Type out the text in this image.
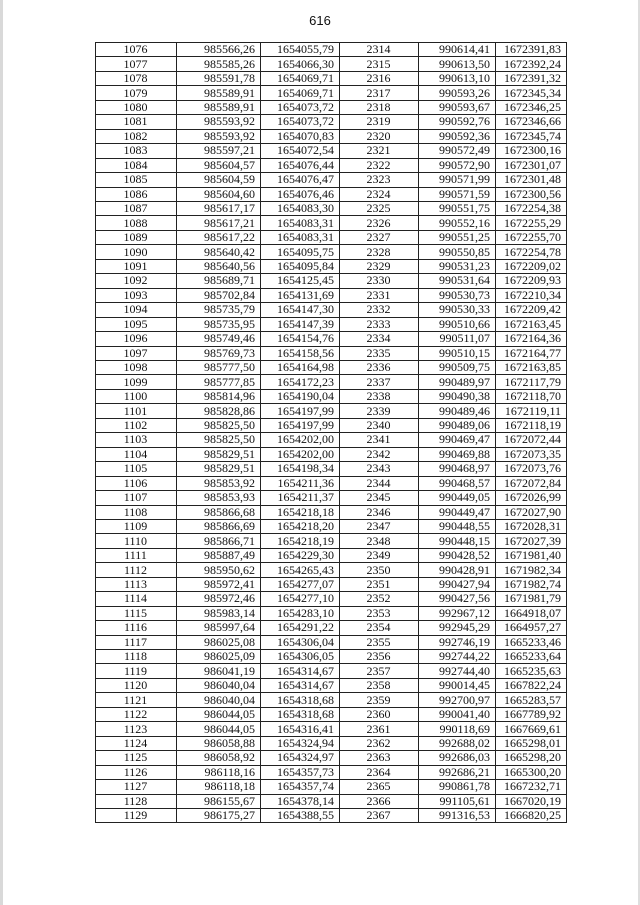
616
1076	985566,26	1654055,79	2314	990614,41	1672391,83
1077	985585,26	1654066,30	2315	990613,50	1672392,24
1078	985591,78	1654069,71	2316	990613,10	1672391,32
1079	985589,91	1654069,71	2317	990593,26	1672345,34
1080	985589,91	1654073,72	2318	990593,67	1672346,25
1081	985593,92	1654073,72	2319	990592,76	1672346,66
1082	985593,92	1654070,83	2320	990592,36	1672345,74
1083	985597,21	1654072,54	2321	990572,49	1672300,16
1084	985604,57	1654076,44	2322	990572,90	1672301,07
1085	985604,59	1654076,47	2323	990571,99	1672301,48
1086	985604,60	1654076,46	2324	990571,59	1672300,56
1087	985617,17	1654083,30	2325	990551,75	1672254,38
1088	985617,21	1654083,31	2326	990552,16	1672255,29
1089	985617,22	1654083,31	2327	990551,25	1672255,70
1090	985640,42	1654095,75	2328	990550,85	1672254,78
1091	985640,56	1654095,84	2329	990531,23	1672209,02
1092	985689,71	1654125,45	2330	990531,64	1672209,93
1093	985702,84	1654131,69	2331	990530,73	1672210,34
1094	985735,79	1654147,30	2332	990530,33	1672209,42
1095	985735,95	1654147,39	2333	990510,66	1672163,45
1096	985749,46	1654154,76	2334	990511,07	1672164,36
1097	985769,73	1654158,56	2335	990510,15	1672164,77
1098	985777,50	1654164,98	2336	990509,75	1672163,85
1099	985777,85	1654172,23	2337	990489,97	1672117,79
1100	985814,96	1654190,04	2338	990490,38	1672118,70
1101	985828,86	1654197,99	2339	990489,46	1672119,11
1102	985825,50	1654197,99	2340	990489,06	1672118,19
1103	985825,50	1654202,00	2341	990469,47	1672072,44
1104	985829,51	1654202,00	2342	990469,88	1672073,35
1105	985829,51	1654198,34	2343	990468,97	1672073,76
1106	985853,92	1654211,36	2344	990468,57	1672072,84
1107	985853,93	1654211,37	2345	990449,05	1672026,99
1108	985866,68	1654218,18	2346	990449,47	1672027,90
1109	985866,69	1654218,20	2347	990448,55	1672028,31
1110	985866,71	1654218,19	2348	990448,15	1672027,39
1111	985887,49	1654229,30	2349	990428,52	1671981,40
1112	985950,62	1654265,43	2350	990428,91	1671982,34
1113	985972,41	1654277,07	2351	990427,94	1671982,74
1114	985972,46	1654277,10	2352	990427,56	1671981,79
1115	985983,14	1654283,10	2353	992967,12	1664918,07
1116	985997,64	1654291,22	2354	992945,29	1664957,27
1117	986025,08	1654306,04	2355	992746,19	1665233,46
1118	986025,09	1654306,05	2356	992744,22	1665233,64
1119	986041,19	1654314,67	2357	992744,40	1665235,63
1120	986040,04	1654314,67	2358	990014,45	1667822,24
1121	986040,04	1654318,68	2359	992700,97	1665283,57
1122	986044,05	1654318,68	2360	990041,40	1667789,92
1123	986044,05	1654316,41	2361	990118,69	1667669,61
1124	986058,88	1654324,94	2362	992688,02	1665298,01
1125	986058,92	1654324,97	2363	992686,03	1665298,20
1126	986118,16	1654357,73	2364	992686,21	1665300,20
1127	986118,18	1654357,74	2365	990861,78	1667232,71
1128	986155,67	1654378,14	2366	991105,61	1667020,19
1129	986175,27	1654388,55	2367	991316,53	1666820,25
